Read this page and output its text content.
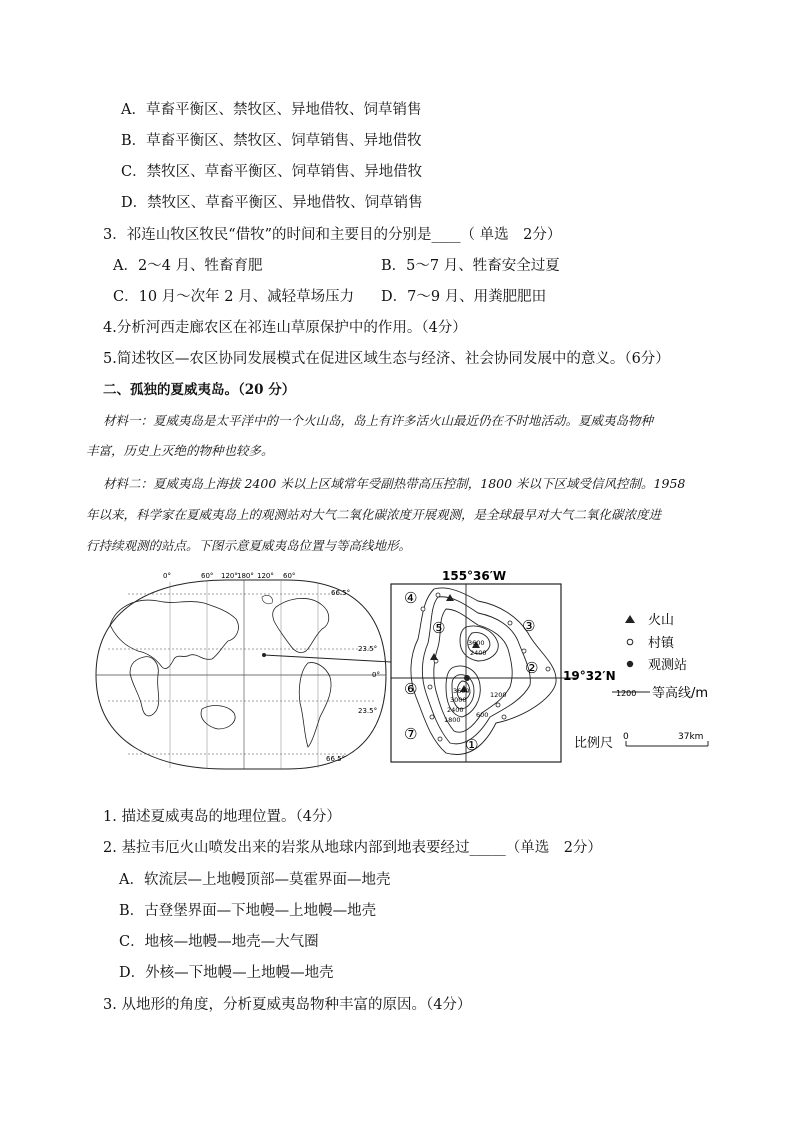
A．草畜平衡区、禁牧区、异地借牧、饲草销售
B．草畜平衡区、禁牧区、饲草销售、异地借牧
C．禁牧区、草畜平衡区、饲草销售、异地借牧
D．禁牧区、草畜平衡区、异地借牧、饲草销售
3．祁连山牧区牧民“借牧”的时间和主要目的分别是____（ 单选　2分）
A．2～4 月、牲畜育肥	B．5～7 月、牲畜安全过夏
C．10 月～次年 2 月、减轻草场压力 D．7～9 月、用粪肥肥田
4.分析河西走廊农区在祁连山草原保护中的作用。（4分）
5.简述牧区—农区协同发展模式在促进区域生态与经济、社会协同发展中的意义。（6分）
二、孤独的夏威夷岛。（20 分）
材料一：夏威夷岛是太平洋中的一个火山岛，岛上有许多活火山最近仍在不时地活动。夏威夷岛物种
丰富，历史上灭绝的物种也较多。
材料二：夏威夷岛上海拔 2400 米以上区域常年受副热带高压控制，1800 米以下区域受信风控制。1958
年以来，科学家在夏威夷岛上的观测站对大气二氧化碳浓度开展观测，是全球最早对大气二氧化碳浓度进
行持续观测的站点。下图示意夏威夷岛位置与等高线地形。
0°	60° 120° 180° 120° 60°
66.5°
23.5°
0°
23.5°
66.5°
3600
2400
3600
3000
2400
1800
1200
600
①
②
③
④
⑤
⑥
⑦
155°36′W
19°32′N
火山
村镇
观测站
1200 等高线/m
比例尺 0	37km
1. 描述夏威夷岛的地理位置。（4分）
2. 基拉韦厄火山喷发出来的岩浆从地球内部到地表要经过_____（单选　2分）
A．软流层—上地幔顶部—莫霍界面—地壳
B．古登堡界面—下地幔—上地幔—地壳
C．地核—地幔—地壳—大气圈
D．外核—下地幔—上地幔—地壳
3. 从地形的角度，分析夏威夷岛物种丰富的原因。（4分）
